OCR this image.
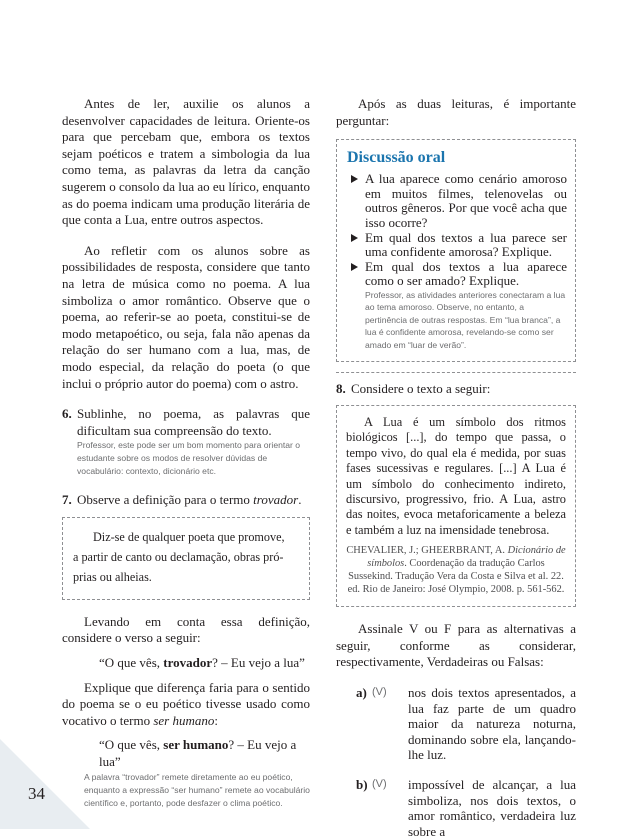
34

Antes de ler, auxilie os alunos a desenvolver capacidades de leitura. Oriente-os para que percebam que, embora os textos sejam poéticos e tratem a simbologia da lua como tema, as palavras da letra da canção sugerem o consolo da lua ao eu lírico, enquanto as do poema indicam uma produção literária de que conta a Lua, entre outros aspectos.

Ao refletir com os alunos sobre as possibilidades de resposta, considere que tanto na letra de música como no poema. A lua simboliza o amor romântico. Observe que o poema, ao referir-se ao poeta, constitui-se de modo metapoético, ou seja, fala não apenas da relação do ser humano com a lua, mas, de modo especial, da relação do poeta (o que inclui o próprio autor do poema) com o astro.

6. Sublinhe, no poema, as palavras que dificultam sua compreensão do texto.

Professor, este pode ser um bom momento para orientar o estudante sobre os modos de resolver dúvidas de vocabulário: contexto, dicionário etc.

7. Observe a definição para o termo trovador.

Diz-se de qualquer poeta que promove,

a partir de canto ou declamação, obras pró-

prias ou alheias.

Levando em conta essa definição, considere o verso a seguir:

“O que vês, trovador? – Eu vejo a lua”

Explique que diferença faria para o sentido do poema se o eu poético tivesse usado como vocativo o termo ser humano:

“O que vês, ser humano? – Eu vejo a lua”

A palavra “trovador” remete diretamente ao eu poético, enquanto a expressão “ser humano” remete ao vocabulário científico e, portanto, pode desfazer o clima poético.

Após as duas leituras, é importante perguntar:

Discussão oral
A lua aparece como cenário amoroso em muitos filmes, telenovelas ou outros gêneros. Por que você acha que isso ocorre?
Em qual dos textos a lua parece ser uma confidente amorosa? Explique.
Em qual dos textos a lua aparece como o ser amado? Explique.

Professor, as atividades anteriores conectaram a lua ao tema amoroso. Observe, no entanto, a pertinência de outras respostas. Em “lua branca”, a lua é confidente amorosa, revelando-se como ser amado em “luar de verão”.

8. Considere o texto a seguir:

A Lua é um símbolo dos ritmos biológicos [...], do tempo que passa, o tempo vivo, do qual ela é medida, por suas fases sucessivas e regulares. [...] A Lua é um símbolo do conhecimento indireto, discursivo, progressivo, frio. A Lua, astro das noites, evoca metaforicamente a beleza e também a luz na imensidade tenebrosa.

CHEVALIER, J.; GHEERBRANT, A. Dicionário de símbolos. Coordenação da tradução Carlos Sussekind. Tradução Vera da Costa e Silva et al. 22. ed. Rio de Janeiro: José Olympio, 2008. p. 561-562.

Assinale V ou F para as alternativas a seguir, conforme as considerar, respectivamente, Verdadeiras ou Falsas:

a) (V) nos dois textos apresentados, a lua faz parte de um quadro maior da natureza noturna, dominando sobre ela, lançando-lhe luz.
b) (V) impossível de alcançar, a lua simboliza, nos dois textos, o amor romântico, verdadeira luz sobre a
